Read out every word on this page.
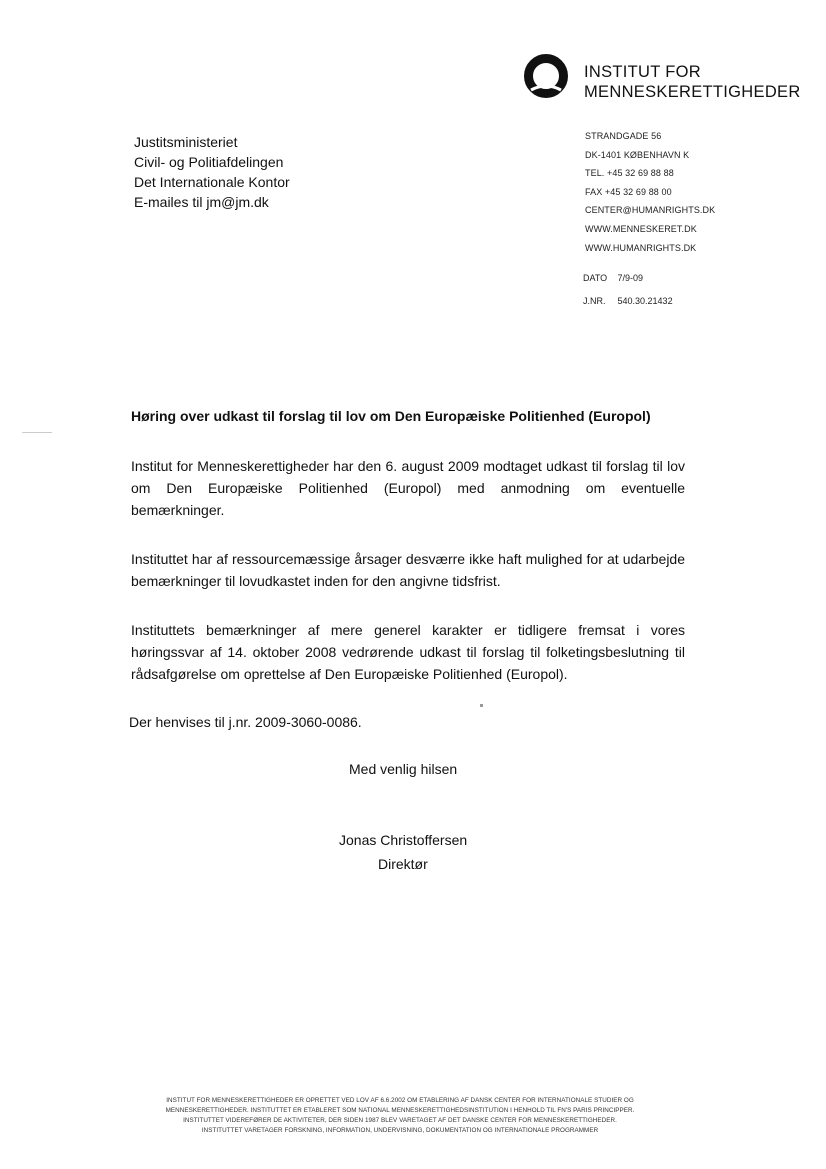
INSTITUT FOR
MENNESKERETTIGHEDER
Justitsministeriet
Civil- og Politiafdelingen
Det Internationale Kontor
E-mailes til jm@jm.dk
STRANDGADE 56
DK-1401 KØBENHAVN K
TEL. +45 32 69 88 88
FAX +45 32 69 88 00
CENTER@HUMANRIGHTS.DK
WWW.MENNESKERET.DK
WWW.HUMANRIGHTS.DK
DATO 7/9-09
J.NR. 540.30.21432
Høring over udkast til forslag til lov om Den Europæiske Politienhed (Europol)
Institut for Menneskerettigheder har den 6. august 2009 modtaget udkast til forslag til lov om Den Europæiske Politienhed (Europol) med anmodning om eventuelle bemærkninger.
Instituttet har af ressourcemæssige årsager desværre ikke haft mulighed for at udarbejde bemærkninger til lovudkastet inden for den angivne tidsfrist.
Instituttets bemærkninger af mere generel karakter er tidligere fremsat i vores høringssvar af 14. oktober 2008 vedrørende udkast til forslag til folketingsbeslutning til rådsafgørelse om oprettelse af Den Europæiske Politienhed (Europol).
Der henvises til j.nr. 2009-3060-0086.
Med venlig hilsen
Jonas Christoffersen
Direktør
INSTITUT FOR MENNESKERETTIGHEDER ER OPRETTET VED LOV AF 6.6.2002 OM ETABLERING AF DANSK CENTER FOR INTERNATIONALE STUDIER OG
MENNESKERETTIGHEDER. INSTITUTTET ER ETABLERET SOM NATIONAL MENNESKERETTIGHEDSINSTITUTION I HENHOLD TIL FN'S PARIS PRINCIPPER.
INSTITUTTET VIDEREFØRER DE AKTIVITETER, DER SIDEN 1987 BLEV VARETAGET AF DET DANSKE CENTER FOR MENNESKERETTIGHEDER.
INSTITUTTET VARETAGER FORSKNING, INFORMATION, UNDERVISNING, DOKUMENTATION OG INTERNATIONALE PROGRAMMER
